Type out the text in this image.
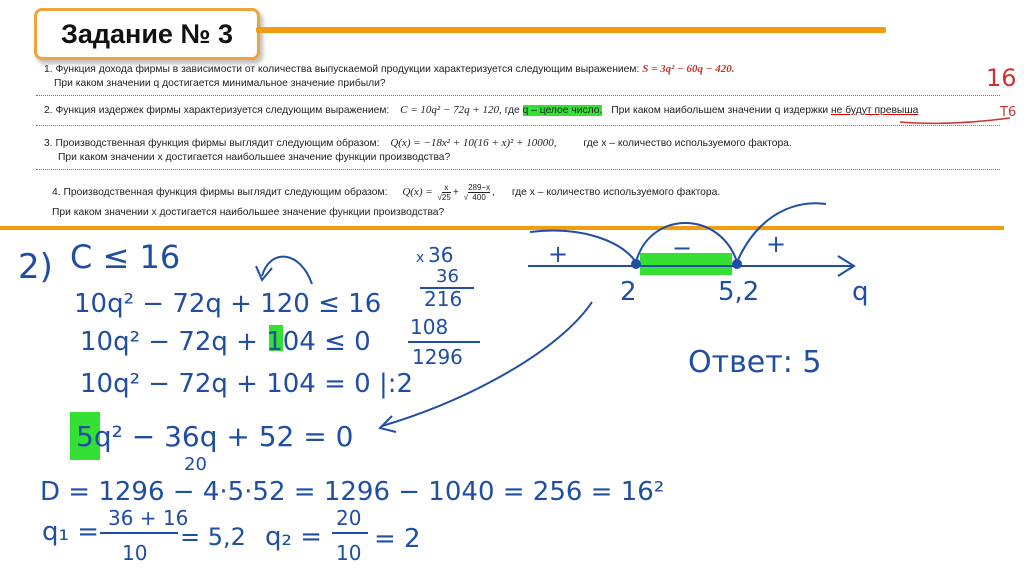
Задание № 3
1. Функция дохода фирмы в зависимости от количества выпускаемой продукции характеризуется следующим выражением: S = 3q² − 60q − 420.
При каком значении q достигается минимальное значение прибыли?
2. Функция издержек фирмы характеризуется следующим выражением: C = 10q² − 72q + 120, где q – целое число. При каком наибольшем значении q издержки не будут превыша
3. Производственная функция фирмы выглядит следующим образом: Q(x) = −18x² + 10(16 + x)² + 10000,	где x – количество используемого фактора.
При каком значении x достигается наибольшее значение функции производства?
4. Производственная функция фирмы выглядит следующим образом: $Q(x) = √\frac{x}{25} + √\frac{289-x}{400}$ , где x – количество используемого фактора.
При каком значении x достигается наибольшее значение функции производства?
16
Т6
2) C ≤ 16
10q² − 72q + 120 ≤ 16
10q² − 72q + 104 ≤ 0
10q² − 72q + 104 = 0 |:2
5q² − 36q + 52 = 0
20
D = 1296 − 4·5·52 = 1296 − 1040 = 256 = 16²
q₁ = 36 + 16
10
= 5,2 q₂ =
20
10 = 2
x 36
36
216
108
1296
+	−	+
2	5,2	q
Ответ: 5
